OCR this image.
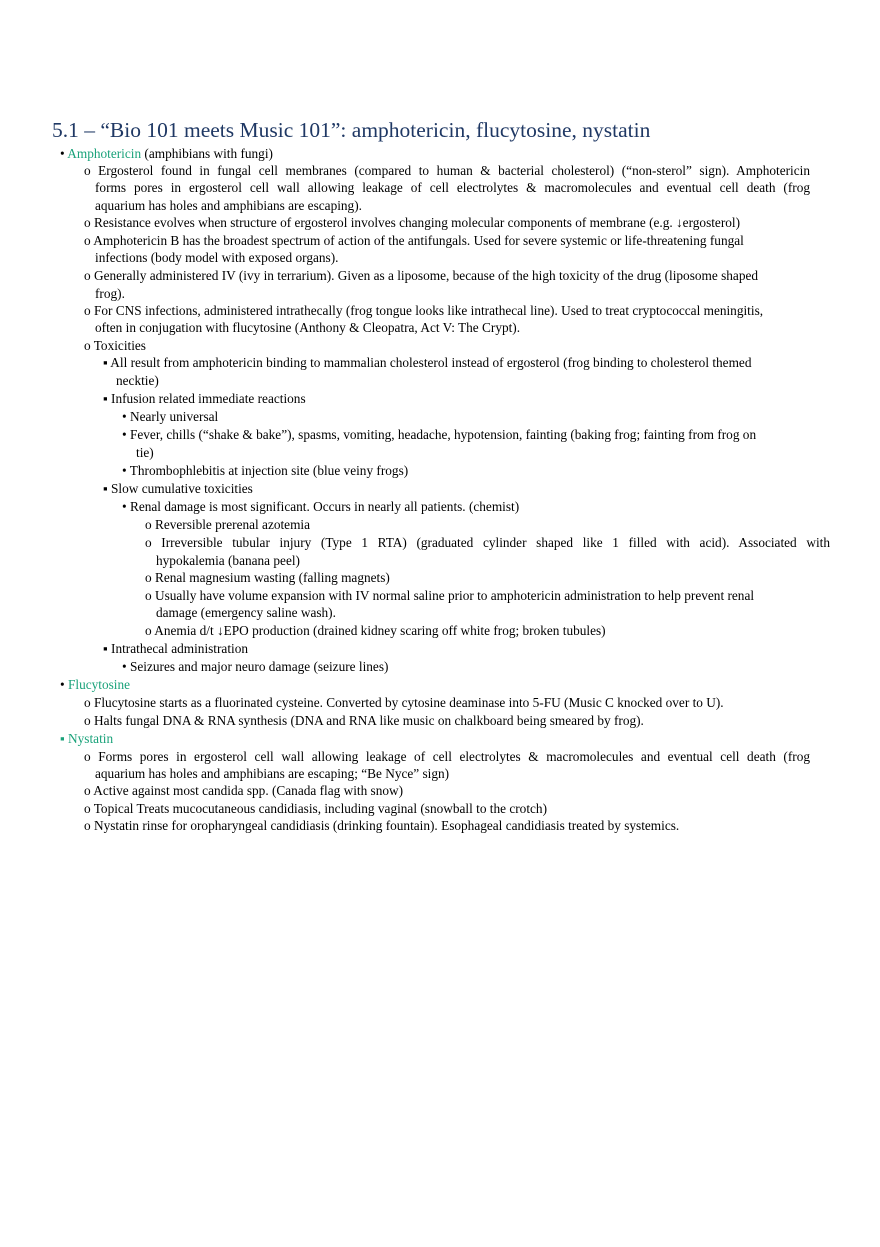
5.1 – “Bio 101 meets Music 101”: amphotericin, flucytosine, nystatin
• Amphotericin (amphibians with fungi)
o Ergosterol found in fungal cell membranes (compared to human & bacterial cholesterol) (“non-sterol” sign). Amphotericin
forms pores in ergosterol cell wall allowing leakage of cell electrolytes & macromolecules and eventual cell death (frog
aquarium has holes and amphibians are escaping).
o Resistance evolves when structure of ergosterol involves changing molecular components of membrane (e.g. ↓ergosterol)
o Amphotericin B has the broadest spectrum of action of the antifungals. Used for severe systemic or life-threatening fungal
infections (body model with exposed organs).
o Generally administered IV (ivy in terrarium). Given as a liposome, because of the high toxicity of the drug (liposome shaped
frog).
o For CNS infections, administered intrathecally (frog tongue looks like intrathecal line). Used to treat cryptococcal meningitis,
often in conjugation with flucytosine (Anthony & Cleopatra, Act V: The Crypt).
o Toxicities
▪ All result from amphotericin binding to mammalian cholesterol instead of ergosterol (frog binding to cholesterol themed
necktie)
▪ Infusion related immediate reactions
• Nearly universal
• Fever, chills (“shake & bake”), spasms, vomiting, headache, hypotension, fainting (baking frog; fainting from frog on
tie)
• Thrombophlebitis at injection site (blue veiny frogs)
▪ Slow cumulative toxicities
• Renal damage is most significant. Occurs in nearly all patients. (chemist)
o Reversible prerenal azotemia
o Irreversible tubular injury (Type 1 RTA) (graduated cylinder shaped like 1 filled with acid). Associated with
hypokalemia (banana peel)
o Renal magnesium wasting (falling magnets)
o Usually have volume expansion with IV normal saline prior to amphotericin administration to help prevent renal
damage (emergency saline wash).
o Anemia d/t ↓EPO production (drained kidney scaring off white frog; broken tubules)
▪ Intrathecal administration
• Seizures and major neuro damage (seizure lines)
• Flucytosine
o Flucytosine starts as a fluorinated cysteine. Converted by cytosine deaminase into 5-FU (Music C knocked over to U).
o Halts fungal DNA & RNA synthesis (DNA and RNA like music on chalkboard being smeared by frog).
▪ Nystatin
o Forms pores in ergosterol cell wall allowing leakage of cell electrolytes & macromolecules and eventual cell death (frog
aquarium has holes and amphibians are escaping; “Be Nyce” sign)
o Active against most candida spp. (Canada flag with snow)
o Topical Treats mucocutaneous candidiasis, including vaginal (snowball to the crotch)
o Nystatin rinse for oropharyngeal candidiasis (drinking fountain). Esophageal candidiasis treated by systemics.
